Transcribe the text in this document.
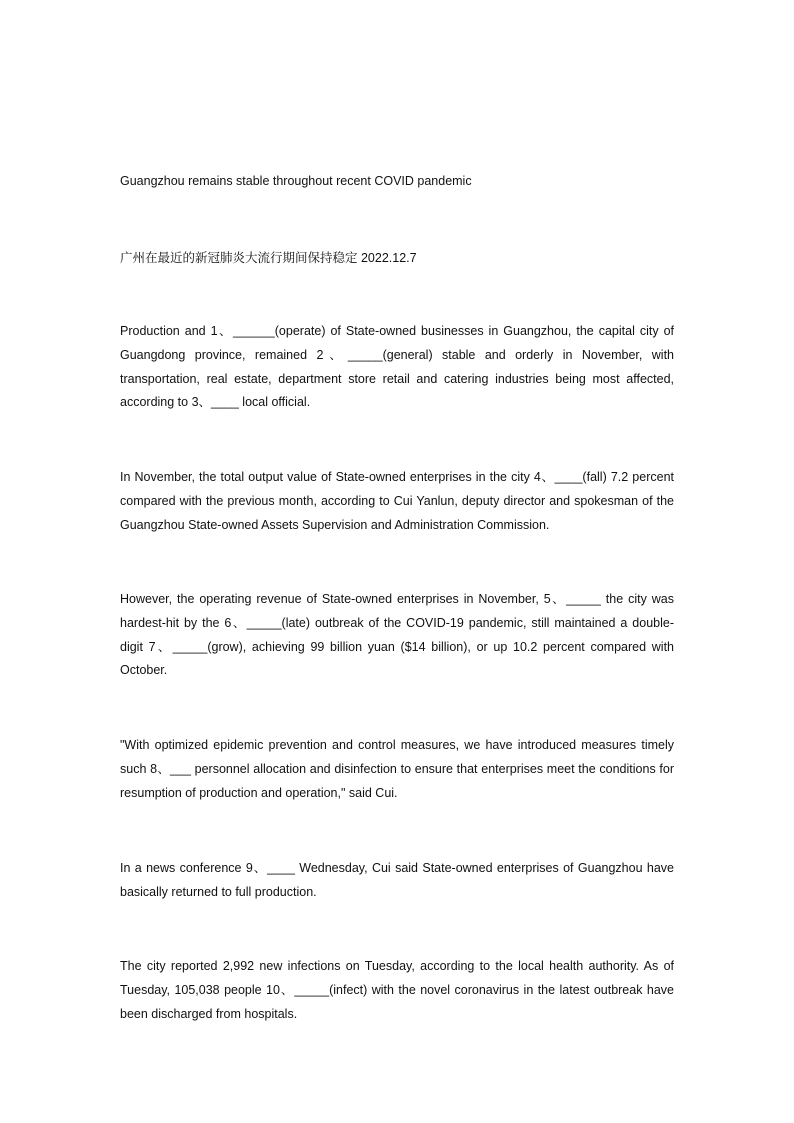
Guangzhou remains stable throughout recent COVID pandemic
广州在最近的新冠肺炎大流行期间保持稳定 2022.12.7

Production and 1、______(operate) of State-owned businesses in Guangzhou, the capital city of Guangdong province, remained 2、_____(general) stable and orderly in November, with transportation, real estate, department store retail and catering industries being most affected, according to 3、____ local official.

In November, the total output value of State-owned enterprises in the city 4、____(fall) 7.2 percent compared with the previous month, according to Cui Yanlun, deputy director and spokesman of the Guangzhou State-owned Assets Supervision and Administration Commission.

However, the operating revenue of State-owned enterprises in November, 5、_____ the city was hardest-hit by the 6、_____(late) outbreak of the COVID-19 pandemic, still maintained a double-digit 7、_____(grow), achieving 99 billion yuan ($14 billion), or up 10.2 percent compared with October.

"With optimized epidemic prevention and control measures, we have introduced measures timely such 8、___ personnel allocation and disinfection to ensure that enterprises meet the conditions for resumption of production and operation," said Cui.

In a news conference 9、____ Wednesday, Cui said State-owned enterprises of Guangzhou have basically returned to full production.

The city reported 2,992 new infections on Tuesday, according to the local health authority. As of Tuesday, 105,038 people 10、_____(infect) with the novel coronavirus in the latest outbreak have been discharged from hospitals.
